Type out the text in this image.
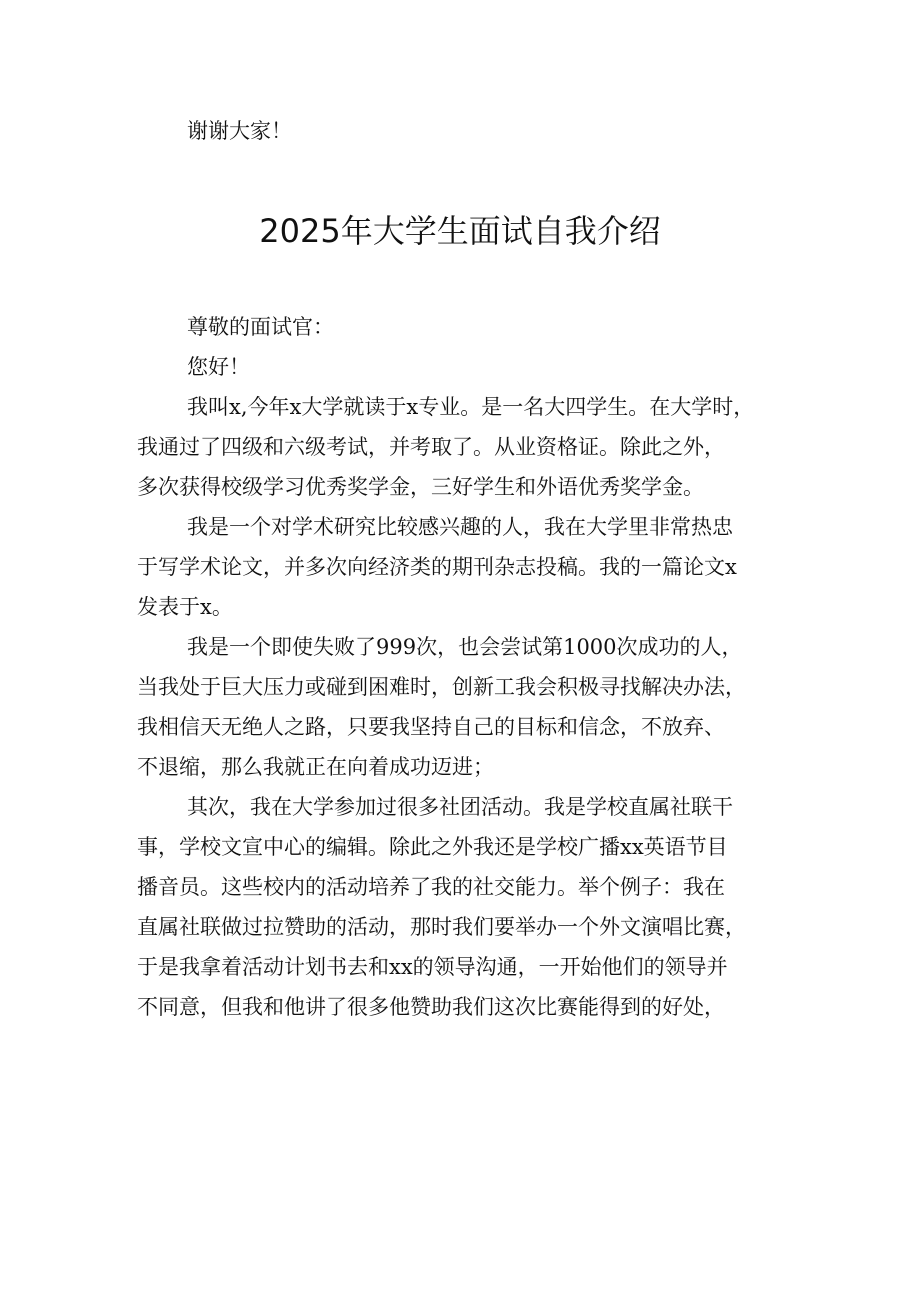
谢谢大家！
2025年大学生面试自我介绍
尊敬的面试官：
您好！
我叫x,今年x大学就读于x专业。是一名大四学生。在大学时，
我通过了四级和六级考试，并考取了。从业资格证。除此之外，
多次获得校级学习优秀奖学金，三好学生和外语优秀奖学金。
我是一个对学术研究比较感兴趣的人，我在大学里非常热忠
于写学术论文，并多次向经济类的期刊杂志投稿。我的一篇论文x
发表于x。
我是一个即使失败了999次，也会尝试第1000次成功的人，
当我处于巨大压力或碰到困难时，创新工我会积极寻找解决办法，
我相信天无绝人之路，只要我坚持自己的目标和信念，不放弃、
不退缩，那么我就正在向着成功迈进；
其次，我在大学参加过很多社团活动。我是学校直属社联干
事，学校文宣中心的编辑。除此之外我还是学校广播xx英语节目
播音员。这些校内的活动培养了我的社交能力。举个例子：我在
直属社联做过拉赞助的活动，那时我们要举办一个外文演唱比赛，
于是我拿着活动计划书去和xx的领导沟通，一开始他们的领导并
不同意，但我和他讲了很多他赞助我们这次比赛能得到的好处，
